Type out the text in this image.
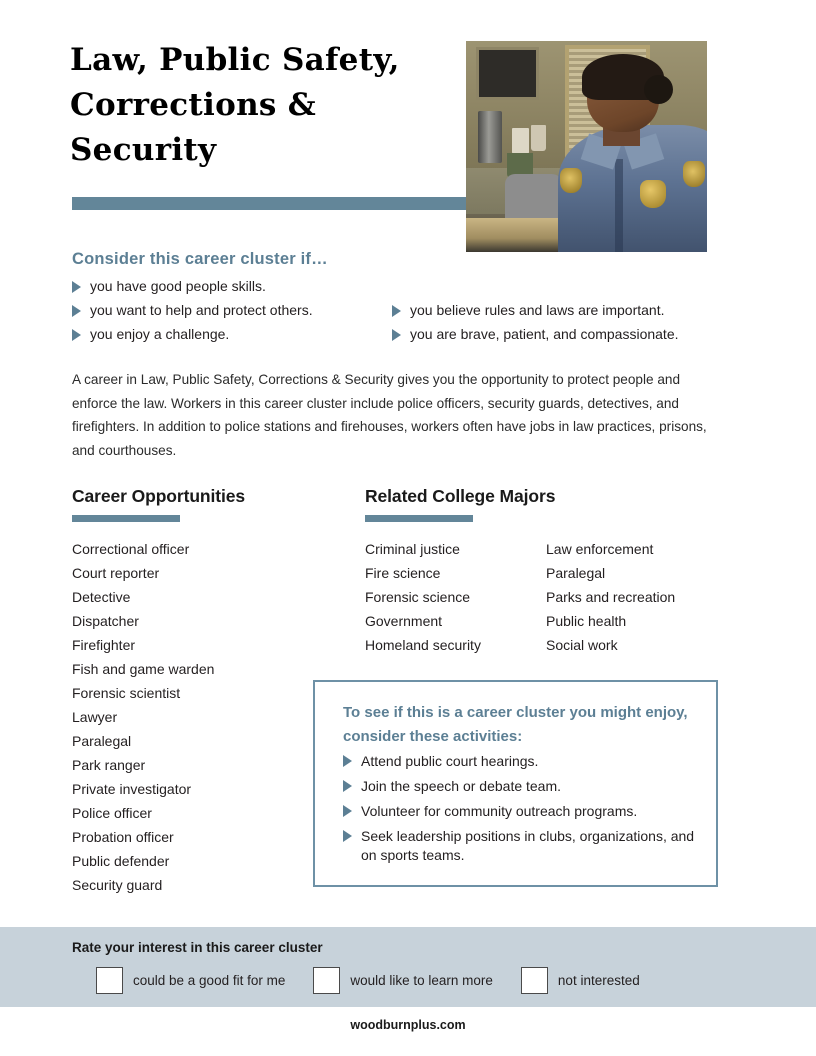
Law, Public Safety,
Corrections &
Security
Consider this career cluster if…
you have good people skills.
you want to help and protect others.
you enjoy a challenge.
you believe rules and laws are important.
you are brave, patient, and compassionate.
A career in Law, Public Safety, Corrections & Security gives you the opportunity to protect people and enforce the law. Workers in this career cluster include police officers, security guards, detectives, and firefighters. In addition to police stations and firehouses, workers often have jobs in law practices, prisons, and courthouses.
Career Opportunities
Correctional officer
Court reporter
Detective
Dispatcher
Firefighter
Fish and game warden
Forensic scientist
Lawyer
Paralegal
Park ranger
Private investigator
Police officer
Probation officer
Public defender
Security guard
Related College Majors
Criminal justice
Fire science
Forensic science
Government
Homeland security
Law enforcement
Paralegal
Parks and recreation
Public health
Social work
To see if this is a career cluster you might enjoy, consider these activities:
Attend public court hearings.
Join the speech or debate team.
Volunteer for community outreach programs.
Seek leadership positions in clubs, organizations, and on sports teams.
Rate your interest in this career cluster
could be a good fit for me	would like to learn more	not interested
woodburnplus.com
